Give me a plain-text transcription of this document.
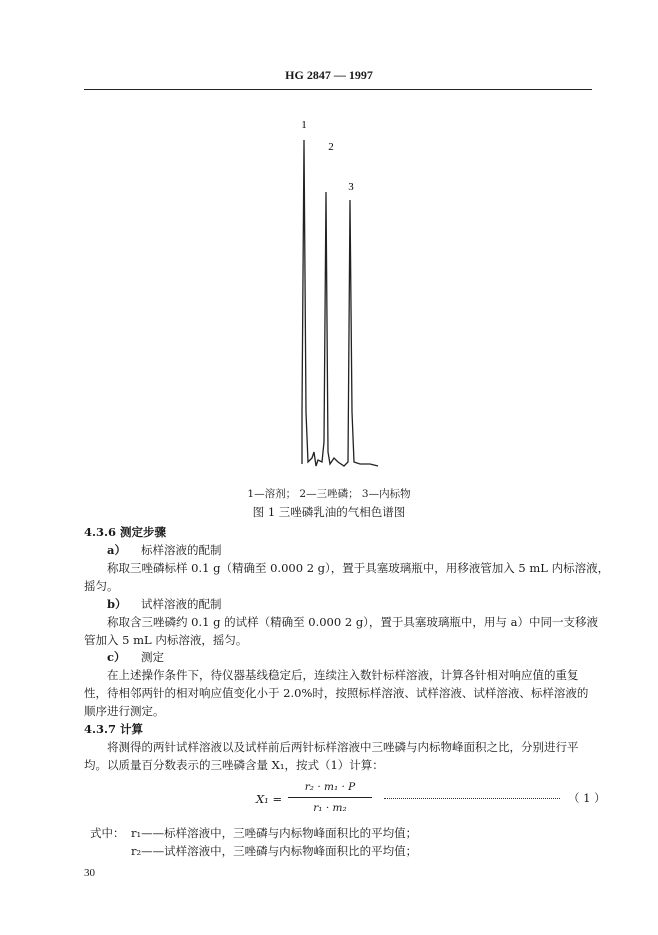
HG 2847 — 1997
1
2
3
1—溶剂； 2—三唑磷； 3—内标物
图 1 三唑磷乳油的气相色谱图
4.3.6 测定步骤
a） 标样溶液的配制
称取三唑磷标样 0.1 g（精确至 0.000 2 g），置于具塞玻璃瓶中，用移液管加入 5 mL 内标溶液，
摇匀。
b） 试样溶液的配制
称取含三唑磷约 0.1 g 的试样（精确至 0.000 2 g），置于具塞玻璃瓶中，用与 a）中同一支移液
管加入 5 mL 内标溶液，摇匀。
c） 测定
在上述操作条件下，待仪器基线稳定后，连续注入数针标样溶液，计算各针相对响应值的重复
性，待相邻两针的相对响应值变化小于 2.0%时，按照标样溶液、试样溶液、试样溶液、标样溶液的
顺序进行测定。
4.3.7 计算
将测得的两针试样溶液以及试样前后两针标样溶液中三唑磷与内标物峰面积之比，分别进行平
均。以质量百分数表示的三唑磷含量 X₁，按式（1）计算：
X₁ =
r₂ · m₁ · P
r₁ · m₂
（ 1 ）
式中： r₁——标样溶液中，三唑磷与内标物峰面积比的平均值；
r₂——试样溶液中，三唑磷与内标物峰面积比的平均值；
30
